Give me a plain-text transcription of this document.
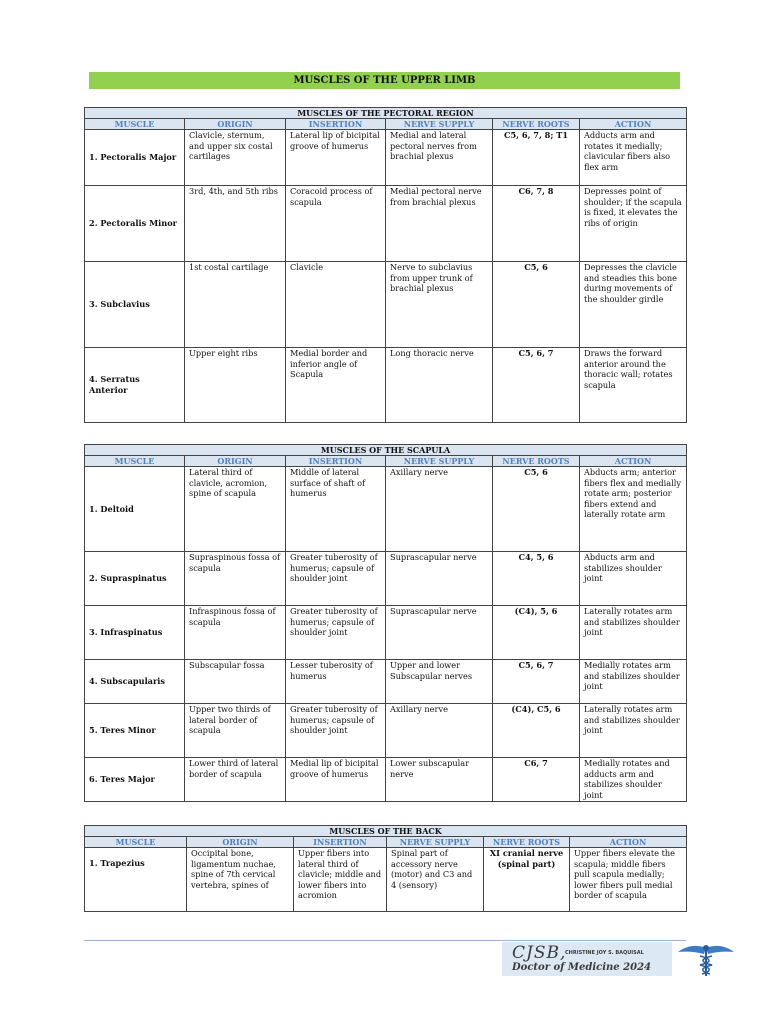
MUSCLES OF THE UPPER LIMB
MUSCLES OF THE PECTORAL REGION					
MUSCLE	ORIGIN	INSERTION	NERVE SUPPLY	NERVE ROOTS	ACTION
1. Pectoralis Major	Clavicle, sternum, and upper six costal cartilages	Lateral lip of bicipital groove of humerus	Medial and lateral pectoral nerves from brachial plexus	C5, 6, 7, 8; T1	Adducts arm and rotates it medially; clavicular fibers also flex arm
2. Pectoralis Minor	3rd, 4th, and 5th ribs	Coracoid process of scapula	Medial pectoral nerve from brachial plexus	C6, 7, 8	Depresses point of shoulder; if the scapula is fixed, it elevates the ribs of origin
3. Subclavius	1st costal cartilage	Clavicle	Nerve to subclavius from upper trunk of brachial plexus	C5, 6	Depresses the clavicle and steadies this bone during movements of the shoulder girdle
4. Serratus Anterior	Upper eight ribs	Medial border and inferior angle of Scapula	Long thoracic nerve	C5, 6, 7	Draws the forward anterior around the thoracic wall; rotates scapula
MUSCLES OF THE SCAPULA					
MUSCLE	ORIGIN	INSERTION	NERVE SUPPLY	NERVE ROOTS	ACTION
1. Deltoid	Lateral third of clavicle, acromion, spine of scapula	Middle of lateral surface of shaft of humerus	Axillary nerve	C5, 6	Abducts arm; anterior fibers flex and medially rotate arm; posterior fibers extend and laterally rotate arm
2. Supraspinatus	Supraspinous fossa of scapula	Greater tuberosity of humerus; capsule of shoulder joint	Suprascapular nerve	C4, 5, 6	Abducts arm and stabilizes shoulder joint
3. Infraspinatus	Infraspinous fossa of scapula	Greater tuberosity of humerus; capsule of shoulder joint	Suprascapular nerve	(C4), 5, 6	Laterally rotates arm and stabilizes shoulder joint
4. Subscapularis	Subscapular fossa	Lesser tuberosity of humerus	Upper and lower Subscapular nerves	C5, 6, 7	Medially rotates arm and stabilizes shoulder joint
5. Teres Minor	Upper two thirds of lateral border of scapula	Greater tuberosity of humerus; capsule of shoulder joint	Axillary nerve	(C4), C5, 6	Laterally rotates arm and stabilizes shoulder joint
6. Teres Major	Lower third of lateral border of scapula	Medial lip of bicipital groove of humerus	Lower subscapular nerve	C6, 7	Medially rotates and adducts arm and stabilizes shoulder joint
MUSCLES OF THE BACK					
MUSCLE	ORIGIN	INSERTION	NERVE SUPPLY	NERVE ROOTS	ACTION
1. Trapezius	Occipital bone, ligamentum nuchae, spine of 7th cervical vertebra, spines of	Upper fibers into lateral third of clavicle; middle and lower fibers into acromion	Spinal part of accessory nerve (motor) and C3 and 4 (sensory)	XI cranial nerve (spinal part)	Upper fibers elevate the scapula; middle fibers pull scapula medially; lower fibers pull medial border of scapula
CJSB,
CHRISTINE JOY S. BAQUISAL
Doctor of Medicine 2024
